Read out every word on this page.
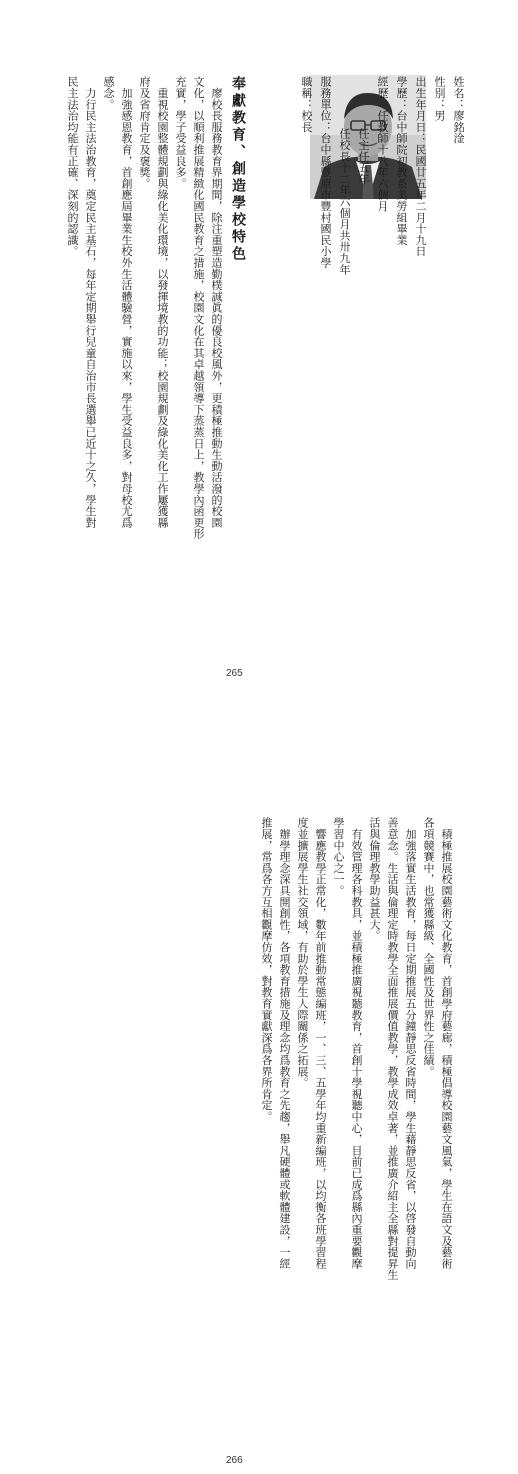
姓名：廖銘淦
性別：男
出生年月日：民國廿五年二月十九日
學歷：台中師院初教系美勞組畢業
經歷：任教師十八年六個月
任主任五年
任校長十二年六個月共卅九年
服務單位：台中縣豐原市豐村國民小學
職稱：校長
奉獻教育、創造學校特色
　廖校長服務教育界期間，除注重塑造勤樸誠眞的優良校風外，更積極推動生動活潑的校園
文化，以順利推展精緻化國民教育之措施，校園文化在其卓越領導下蒸蒸日上，教學內函更形
充實，學子受益良多。
　重視校園整體規劃與綠化美化環境，以發揮境教的功能；校園規劃及綠化美化工作屢獲縣
府及省府肯定及褒獎。
　加強感恩教育，首創應屆畢業生校外生活體驗營，實施以來，學生受益良多，對母校尤爲
感念。
　力行民主法治教育，奠定民主基石，每年定期舉行兒童自治市長選舉已近十之久，學生對
民主法治均能有正確、深刻的認識。
265
　積極推展校園藝術文化教育，首創學府藝廊，積極倡導校園藝文風氣，學生在語文及藝術
各項競賽中，也常獲縣級、全國性及世界性之佳績。
　加強落實生活教育，每日定期推展五分鐘靜思反省時間，學生藉靜思反省，以啓發自動向
善意念。生活與倫理定時教學全面推展價值教學，教學成效卓著，並推廣介紹主全縣對提昇生
活與倫理教學助益甚大。
　有效管理各科教具，並積極推廣視聽教育，首創十學視聽中心，目前已成爲縣內重要觀摩
學習中心之一。
　響應教學正常化，數年前推動常態編班，一、三、五學年均重新編班，以均衡各班學習程
度並擴展學生社交領域，有助於學生人際關係之拓展。
　辦學理念深具開創性，各項教育措施及理念均爲教育之先趨，舉凡硬體或軟體建設，一經
推展，常爲各方互相觀摩仿效，對教育實獻深爲各界所肯定。
266
